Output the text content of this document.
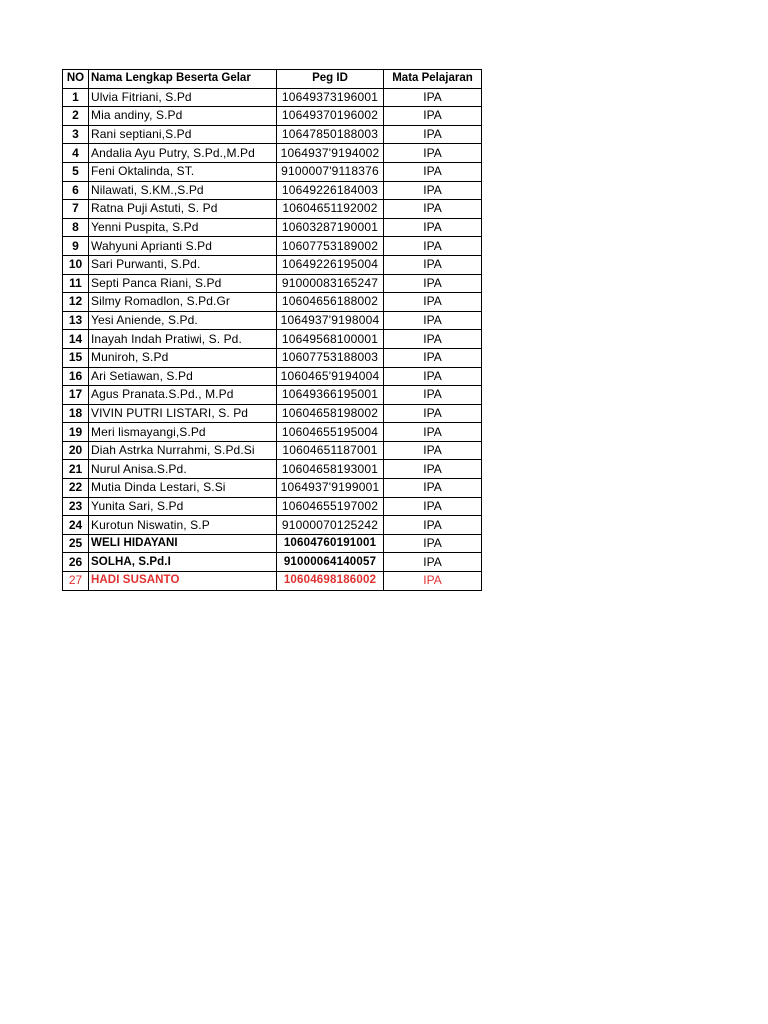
NO	Nama Lengkap Beserta Gelar	Peg ID	Mata Pelajaran
1	Ulvia Fitriani, S.Pd	10649373196001	IPA
2	Mia andiny, S.Pd	10649370196002	IPA
3	Rani septiani,S.Pd	10647850188003	IPA
4	Andalia Ayu Putry, S.Pd.,M.Pd	1064937'9194002	IPA
5	Feni Oktalinda, ST.	9100007'9118376	IPA
6	Nilawati, S.KM.,S.Pd	10649226184003	IPA
7	Ratna Puji Astuti, S. Pd	10604651192002	IPA
8	Yenni Puspita, S.Pd	10603287190001	IPA
9	Wahyuni Aprianti S.Pd	10607753189002	IPA
10	Sari Purwanti, S.Pd.	10649226195004	IPA
11	Septi Panca Riani, S.Pd	91000083165247	IPA
12	Silmy Romadlon, S.Pd.Gr	10604656188002	IPA
13	Yesi Aniende, S.Pd.	1064937'9198004	IPA
14	Inayah Indah Pratiwi, S. Pd.	10649568100001	IPA
15	Muniroh, S.Pd	10607753188003	IPA
16	Ari Setiawan, S.Pd	1060465'9194004	IPA
17	Agus Pranata.S.Pd., M.Pd	10649366195001	IPA
18	VIVIN PUTRI LISTARI, S. Pd	10604658198002	IPA
19	Meri lismayangi,S.Pd	10604655195004	IPA
20	Diah Astrka Nurrahmi, S.Pd.Si	10604651187001	IPA
21	Nurul Anisa.S.Pd.	10604658193001	IPA
22	Mutia Dinda Lestari, S.Si	1064937'9199001	IPA
23	Yunita Sari, S.Pd	10604655197002	IPA
24	Kurotun Niswatin, S.P	91000070125242	IPA
25	WELI HIDAYANI	10604760191001	IPA
26	SOLHA, S.Pd.I	91000064140057	IPA
27	HADI SUSANTO	10604698186002	IPA
